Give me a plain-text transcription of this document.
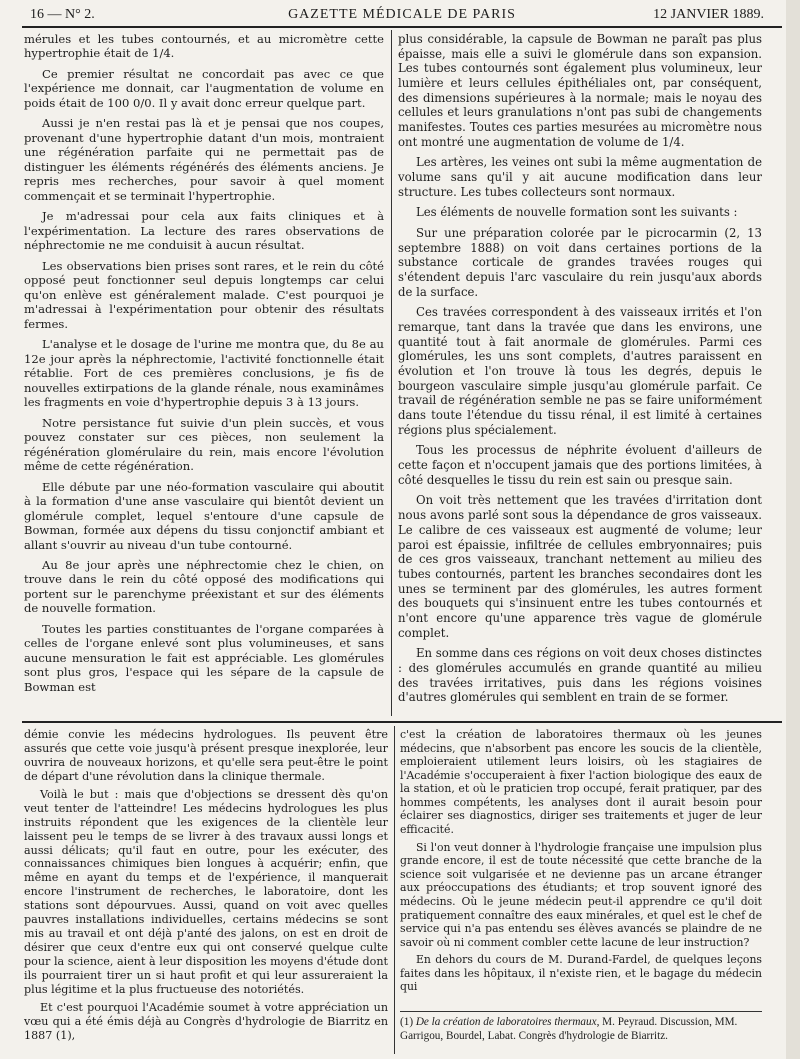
16 — N° 2.	GAZETTE MÉDICALE DE PARIS	12 JANVIER 1889.

mérules et les tubes contournés, et au micromètre cette hypertrophie était de 1/4.

Ce premier résultat ne concordait pas avec ce que l'expérience me donnait, car l'augmentation de volume en poids était de 100 0/0. Il y avait donc erreur quelque part.

Aussi je n'en restai pas là et je pensai que nos coupes, provenant d'une hypertrophie datant d'un mois, montraient une régénération parfaite qui ne permettait pas de distinguer les éléments régénérés des éléments anciens. Je repris mes recherches, pour savoir à quel moment commençait et se terminait l'hypertrophie.

Je m'adressai pour cela aux faits cliniques et à l'expérimentation. La lecture des rares observations de néphrectomie ne me conduisit à aucun résultat.

Les observations bien prises sont rares, et le rein du côté opposé peut fonctionner seul depuis longtemps car celui qu'on enlève est généralement malade. C'est pourquoi je m'adressai à l'expérimentation pour obtenir des résultats fermes.

L'analyse et le dosage de l'urine me montra que, du 8e au 12e jour après la néphrectomie, l'activité fonctionnelle était rétablie. Fort de ces premières conclusions, je fis de nouvelles extirpations de la glande rénale, nous examinâmes les fragments en voie d'hypertrophie depuis 3 à 13 jours.

Notre persistance fut suivie d'un plein succès, et vous pouvez constater sur ces pièces, non seulement la régénération glomérulaire du rein, mais encore l'évolution même de cette régénération.

Elle débute par une néo-formation vasculaire qui aboutit à la formation d'une anse vasculaire qui bientôt devient un glomérule complet, lequel s'entoure d'une capsule de Bowman, formée aux dépens du tissu conjonctif ambiant et allant s'ouvrir au niveau d'un tube contourné.

Au 8e jour après une néphrectomie chez le chien, on trouve dans le rein du côté opposé des modifications qui portent sur le parenchyme préexistant et sur des éléments de nouvelle formation.

Toutes les parties constituantes de l'organe comparées à celles de l'organe enlevé sont plus volumineuses, et sans aucune mensuration le fait est appréciable. Les glomérules sont plus gros, l'espace qui les sépare de la capsule de Bowman est

plus considérable, la capsule de Bowman ne paraît pas plus épaisse, mais elle a suivi le glomérule dans son expansion. Les tubes contournés sont également plus volumineux, leur lumière et leurs cellules épithéliales ont, par conséquent, des dimensions supérieures à la normale; mais le noyau des cellules et leurs granulations n'ont pas subi de changements manifestes. Toutes ces parties mesurées au micromètre nous ont montré une augmentation de volume de 1/4.

Les artères, les veines ont subi la même augmentation de volume sans qu'il y ait aucune modification dans leur structure. Les tubes collecteurs sont normaux.

Les éléments de nouvelle formation sont les suivants :

Sur une préparation colorée par le picrocarmin (2, 13 septembre 1888) on voit dans certaines portions de la substance corticale de grandes travées rouges qui s'étendent depuis l'arc vasculaire du rein jusqu'aux abords de la surface.

Ces travées correspondent à des vaisseaux irrités et l'on remarque, tant dans la travée que dans les environs, une quantité tout à fait anormale de glomérules. Parmi ces glomérules, les uns sont complets, d'autres paraissent en évolution et l'on trouve là tous les degrés, depuis le bourgeon vasculaire simple jusqu'au glomérule parfait. Ce travail de régénération semble ne pas se faire uniformément dans toute l'étendue du tissu rénal, il est limité à certaines régions plus spécialement.

Tous les processus de néphrite évoluent d'ailleurs de cette façon et n'occupent jamais que des portions limitées, à côté desquelles le tissu du rein est sain ou presque sain.

On voit très nettement que les travées d'irritation dont nous avons parlé sont sous la dépendance de gros vaisseaux. Le calibre de ces vaisseaux est augmenté de volume; leur paroi est épaissie, infiltrée de cellules embryonnaires; puis de ces gros vaisseaux, tranchant nettement au milieu des tubes contournés, partent les branches secondaires dont les unes se terminent par des glomérules, les autres forment des bouquets qui s'insinuent entre les tubes contournés et n'ont encore qu'une apparence très vague de glomérule complet.

En somme dans ces régions on voit deux choses distinctes : des glomérules accumulés en grande quantité au milieu des travées irritatives, puis dans les régions voisines d'autres glomérules qui semblent en train de se former.

démie convie les médecins hydrologues. Ils peuvent être assurés que cette voie jusqu'à présent presque inexplorée, leur ouvrira de nouveaux horizons, et qu'elle sera peut-être le point de départ d'une révolution dans la clinique thermale.

Voilà le but : mais que d'objections se dressent dès qu'on veut tenter de l'atteindre! Les médecins hydrologues les plus instruits répondent que les exigences de la clientèle leur laissent peu le temps de se livrer à des travaux aussi longs et aussi délicats; qu'il faut en outre, pour les exécuter, des connaissances chimiques bien longues à acquérir; enfin, que même en ayant du temps et de l'expérience, il manquerait encore l'instrument de recherches, le laboratoire, dont les stations sont dépourvues. Aussi, quand on voit avec quelles pauvres installations individuelles, certains médecins se sont mis au travail et ont déjà p'anté des jalons, on est en droit de désirer que ceux d'entre eux qui ont conservé quelque culte pour la science, aient à leur disposition les moyens d'étude dont ils pourraient tirer un si haut profit et qui leur assureraient la plus légitime et la plus fructueuse des notoriétés.

Et c'est pourquoi l'Académie soumet à votre appréciation un vœu qui a été émis déjà au Congrès d'hydrologie de Biarritz en 1887 (1),

c'est la création de laboratoires thermaux où les jeunes médecins, que n'absorbent pas encore les soucis de la clientèle, emploieraient utilement leurs loisirs, où les stagiaires de l'Académie s'occuperaient à fixer l'action biologique des eaux de la station, et où le praticien trop occupé, ferait pratiquer, par des hommes compétents, les analyses dont il aurait besoin pour éclairer ses diagnostics, diriger ses traitements et juger de leur efficacité.

Si l'on veut donner à l'hydrologie française une impulsion plus grande encore, il est de toute nécessité que cette branche de la science soit vulgarisée et ne devienne pas un arcane étranger aux préoccupations des étudiants; et trop souvent ignoré des médecins. Où le jeune médecin peut-il apprendre ce qu'il doit pratiquement connaître des eaux minérales, et quel est le chef de service qui n'a pas entendu ses élèves avancés se plaindre de ne savoir où ni comment combler cette lacune de leur instruction?

En dehors du cours de M. Durand-Fardel, de quelques leçons faites dans les hôpitaux, il n'existe rien, et le bagage du médecin qui

(1) De la création de laboratoires thermaux, M. Peyraud. Discussion, MM. Garrigou, Bourdel, Labat. Congrès d'hydrologie de Biarritz.
